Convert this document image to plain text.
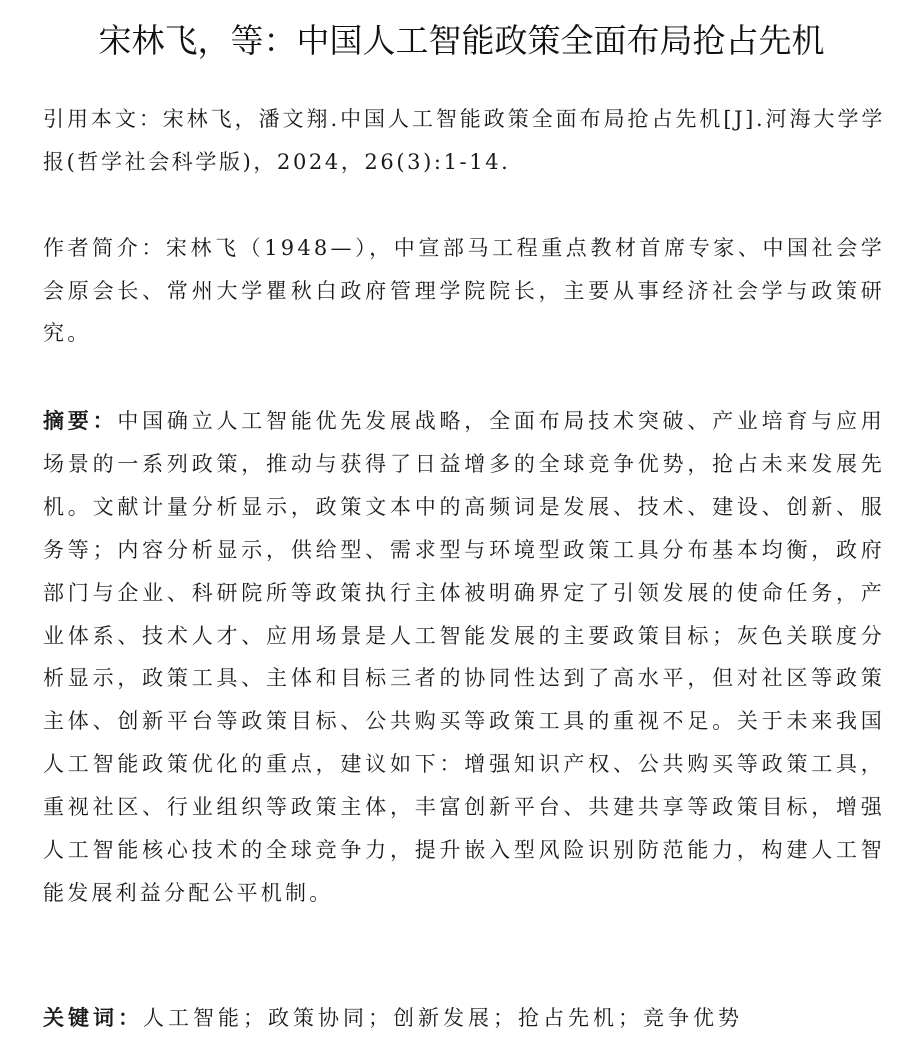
宋林飞，等：中国人工智能政策全面布局抢占先机

引用本文：宋林飞，潘文翔.中国人工智能政策全面布局抢占先机[J].河海大学学报(哲学社会科学版)，2024，26(3):1-14.

作者简介：宋林飞（1948—），中宣部马工程重点教材首席专家、中国社会学会原会长、常州大学瞿秋白政府管理学院院长，主要从事经济社会学与政策研究。

摘要：中国确立人工智能优先发展战略，全面布局技术突破、产业培育与应用场景的一系列政策，推动与获得了日益增多的全球竞争优势，抢占未来发展先机。文献计量分析显示，政策文本中的高频词是发展、技术、建设、创新、服务等；内容分析显示，供给型、需求型与环境型政策工具分布基本均衡，政府部门与企业、科研院所等政策执行主体被明确界定了引领发展的使命任务，产业体系、技术人才、应用场景是人工智能发展的主要政策目标；灰色关联度分析显示，政策工具、主体和目标三者的协同性达到了高水平，但对社区等政策主体、创新平台等政策目标、公共购买等政策工具的重视不足。关于未来我国人工智能政策优化的重点，建议如下：增强知识产权、公共购买等政策工具，重视社区、行业组织等政策主体，丰富创新平台、共建共享等政策目标，增强人工智能核心技术的全球竞争力，提升嵌入型风险识别防范能力，构建人工智能发展利益分配公平机制。

关键词：人工智能；政策协同；创新发展；抢占先机；竞争优势
